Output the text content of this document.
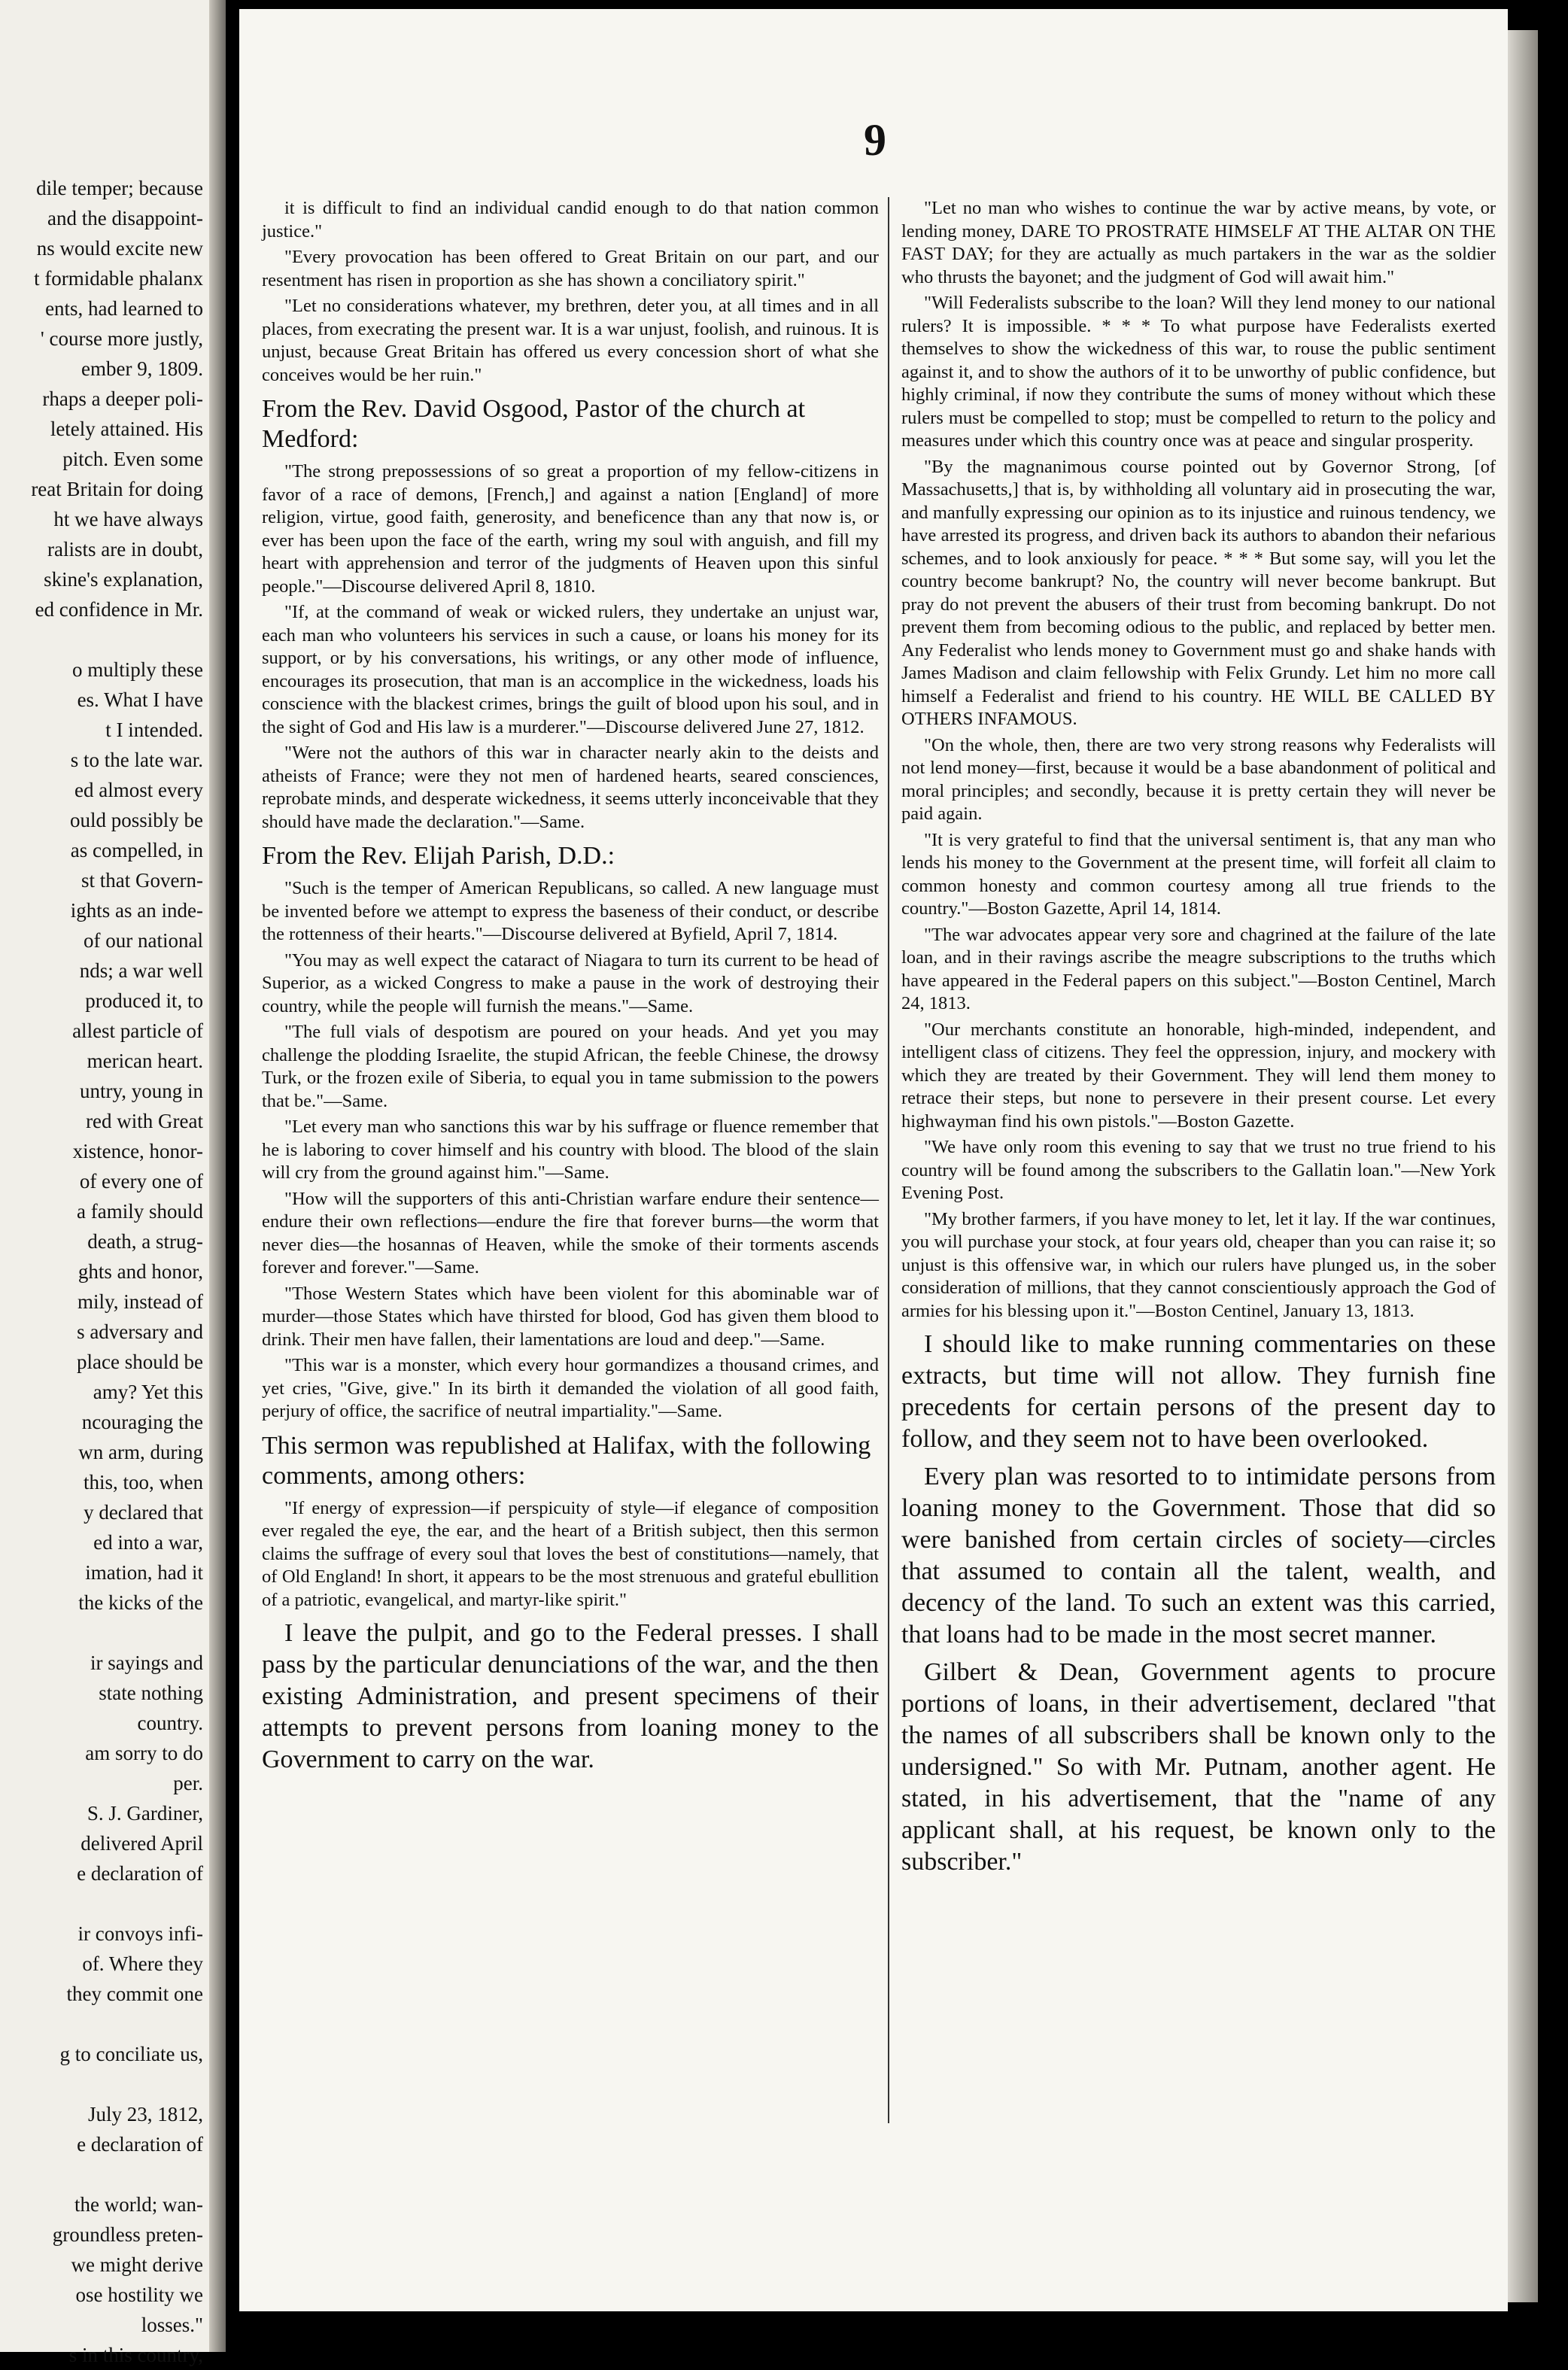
dile temper; because
and the disappoint-
ns would excite new
t formidable phalanx
ents, had learned to
' course more justly,
ember 9, 1809.
rhaps a deeper poli-
letely attained. His
pitch. Even some
reat Britain for doing
ht we have always
ralists are in doubt,
skine's explanation,
ed confidence in Mr.

o multiply these
es. What I have
t I intended.
s to the late war.
ed almost every
ould possibly be
as compelled, in
st that Govern-
ights as an inde-
of our national
nds; a war well
produced it, to
allest particle of
merican heart.
untry, young in
red with Great
xistence, honor-
of every one of
a family should
death, a strug-
ghts and honor,
mily, instead of
s adversary and
place should be
amy? Yet this
ncouraging the
wn arm, during
this, too, when
y declared that
ed into a war,
imation, had it
the kicks of the

ir sayings and
state nothing
country.
am sorry to do
per.
S. J. Gardiner,
delivered April
e declaration of

ir convoys infi-
of. Where they
they commit one

g to conciliate us,

July 23, 1812,
e declaration of

the world; wan-
groundless preten-
we might derive
ose hostility we
losses."
s in this country,
9

it is difficult to find an individual candid enough to do that nation common justice."

"Every provocation has been offered to Great Britain on our part, and our resentment has risen in proportion as she has shown a conciliatory spirit."

"Let no considerations whatever, my brethren, deter you, at all times and in all places, from execrating the present war. It is a war unjust, foolish, and ruinous. It is unjust, because Great Britain has offered us every concession short of what she conceives would be her ruin."

From the Rev. David Osgood, Pastor of the church at Medford:

"The strong prepossessions of so great a proportion of my fellow-citizens in favor of a race of demons, [French,] and against a nation [England] of more religion, virtue, good faith, generosity, and beneficence than any that now is, or ever has been upon the face of the earth, wring my soul with anguish, and fill my heart with apprehension and terror of the judgments of Heaven upon this sinful people."—Discourse delivered April 8, 1810.

"If, at the command of weak or wicked rulers, they undertake an unjust war, each man who volunteers his services in such a cause, or loans his money for its support, or by his conversations, his writings, or any other mode of influence, encourages its prosecution, that man is an accomplice in the wickedness, loads his conscience with the blackest crimes, brings the guilt of blood upon his soul, and in the sight of God and His law is a murderer."—Discourse delivered June 27, 1812.

"Were not the authors of this war in character nearly akin to the deists and atheists of France; were they not men of hardened hearts, seared consciences, reprobate minds, and desperate wickedness, it seems utterly inconceivable that they should have made the declaration."—Same.

From the Rev. Elijah Parish, D.D.:

"Such is the temper of American Republicans, so called. A new language must be invented before we attempt to express the baseness of their conduct, or describe the rottenness of their hearts."—Discourse delivered at Byfield, April 7, 1814.

"You may as well expect the cataract of Niagara to turn its current to be head of Superior, as a wicked Congress to make a pause in the work of destroying their country, while the people will furnish the means."—Same.

"The full vials of despotism are poured on your heads. And yet you may challenge the plodding Israelite, the stupid African, the feeble Chinese, the drowsy Turk, or the frozen exile of Siberia, to equal you in tame submission to the powers that be."—Same.

"Let every man who sanctions this war by his suffrage or fluence remember that he is laboring to cover himself and his country with blood. The blood of the slain will cry from the ground against him."—Same.

"How will the supporters of this anti-Christian warfare endure their sentence—endure their own reflections—endure the fire that forever burns—the worm that never dies—the hosannas of Heaven, while the smoke of their torments ascends forever and forever."—Same.

"Those Western States which have been violent for this abominable war of murder—those States which have thirsted for blood, God has given them blood to drink. Their men have fallen, their lamentations are loud and deep."—Same.

"This war is a monster, which every hour gormandizes a thousand crimes, and yet cries, "Give, give." In its birth it demanded the violation of all good faith, perjury of office, the sacrifice of neutral impartiality."—Same.

This sermon was republished at Halifax, with the following comments, among others:

"If energy of expression—if perspicuity of style—if elegance of composition ever regaled the eye, the ear, and the heart of a British subject, then this sermon claims the suffrage of every soul that loves the best of constitutions—namely, that of Old England! In short, it appears to be the most strenuous and grateful ebullition of a patriotic, evangelical, and martyr-like spirit."

I leave the pulpit, and go to the Federal presses. I shall pass by the particular denunciations of the war, and the then existing Administration, and present specimens of their attempts to prevent persons from loaning money to the Government to carry on the war.

"Let no man who wishes to continue the war by active means, by vote, or lending money, DARE TO PROSTRATE HIMSELF AT THE ALTAR ON THE FAST DAY; for they are actually as much partakers in the war as the soldier who thrusts the bayonet; and the judgment of God will await him."

"Will Federalists subscribe to the loan? Will they lend money to our national rulers? It is impossible. * * * To what purpose have Federalists exerted themselves to show the wickedness of this war, to rouse the public sentiment against it, and to show the authors of it to be unworthy of public confidence, but highly criminal, if now they contribute the sums of money without which these rulers must be compelled to stop; must be compelled to return to the policy and measures under which this country once was at peace and singular prosperity.

"By the magnanimous course pointed out by Governor Strong, [of Massachusetts,] that is, by withholding all voluntary aid in prosecuting the war, and manfully expressing our opinion as to its injustice and ruinous tendency, we have arrested its progress, and driven back its authors to abandon their nefarious schemes, and to look anxiously for peace. * * * But some say, will you let the country become bankrupt? No, the country will never become bankrupt. But pray do not prevent the abusers of their trust from becoming bankrupt. Do not prevent them from becoming odious to the public, and replaced by better men. Any Federalist who lends money to Government must go and shake hands with James Madison and claim fellowship with Felix Grundy. Let him no more call himself a Federalist and friend to his country. HE WILL BE CALLED BY OTHERS INFAMOUS.

"On the whole, then, there are two very strong reasons why Federalists will not lend money—first, because it would be a base abandonment of political and moral principles; and secondly, because it is pretty certain they will never be paid again.

"It is very grateful to find that the universal sentiment is, that any man who lends his money to the Government at the present time, will forfeit all claim to common honesty and common courtesy among all true friends to the country."—Boston Gazette, April 14, 1814.

"The war advocates appear very sore and chagrined at the failure of the late loan, and in their ravings ascribe the meagre subscriptions to the truths which have appeared in the Federal papers on this subject."—Boston Centinel, March 24, 1813.

"Our merchants constitute an honorable, high-minded, independent, and intelligent class of citizens. They feel the oppression, injury, and mockery with which they are treated by their Government. They will lend them money to retrace their steps, but none to persevere in their present course. Let every highwayman find his own pistols."—Boston Gazette.

"We have only room this evening to say that we trust no true friend to his country will be found among the subscribers to the Gallatin loan."—New York Evening Post.

"My brother farmers, if you have money to let, let it lay. If the war continues, you will purchase your stock, at four years old, cheaper than you can raise it; so unjust is this offensive war, in which our rulers have plunged us, in the sober consideration of millions, that they cannot conscientiously approach the God of armies for his blessing upon it."—Boston Centinel, January 13, 1813.

I should like to make running commentaries on these extracts, but time will not allow. They furnish fine precedents for certain persons of the present day to follow, and they seem not to have been overlooked.

Every plan was resorted to to intimidate persons from loaning money to the Government. Those that did so were banished from certain circles of society—circles that assumed to contain all the talent, wealth, and decency of the land. To such an extent was this carried, that loans had to be made in the most secret manner.

Gilbert & Dean, Government agents to procure portions of loans, in their advertisement, declared "that the names of all subscribers shall be known only to the undersigned." So with Mr. Putnam, another agent. He stated, in his advertisement, that the "name of any applicant shall, at his request, be known only to the subscriber."
